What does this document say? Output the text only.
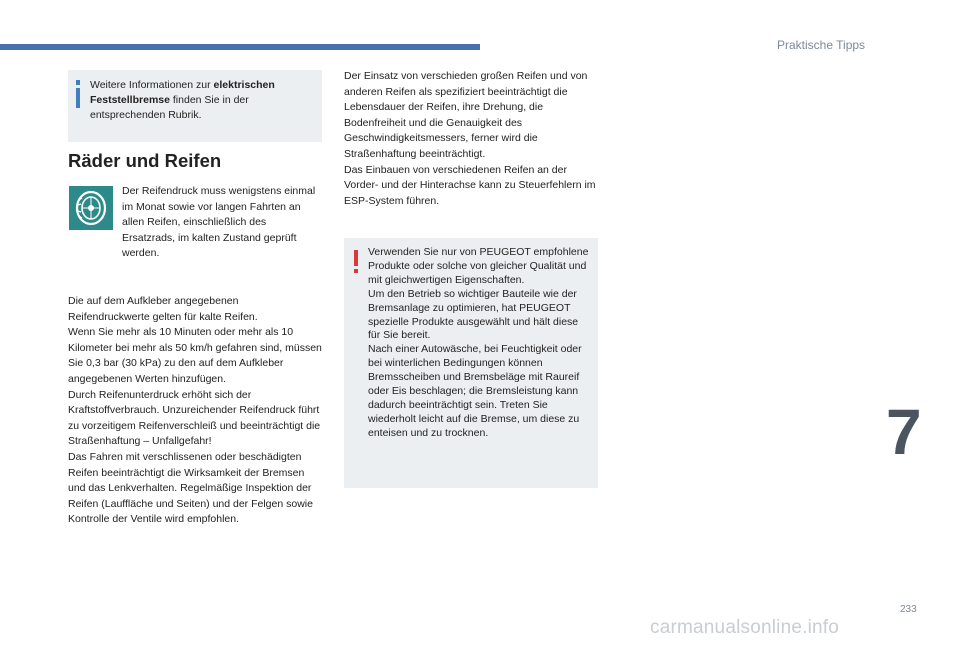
Praktische Tipps

Weitere Informationen zur elektrischen Feststellbremse finden Sie in der entsprechenden Rubrik.

Räder und Reifen
Der Reifendruck muss wenigstens einmal im Monat sowie vor langen Fahrten an allen Reifen, einschließlich des Ersatzrads, im kalten Zustand geprüft werden.

Die auf dem Aufkleber angegebenen Reifendruckwerte gelten für kalte Reifen.

Wenn Sie mehr als 10 Minuten oder mehr als 10 Kilometer bei mehr als 50 km/h gefahren sind, müssen Sie 0,3 bar (30 kPa) zu den auf dem Aufkleber angegebenen Werten hinzufügen.

Durch Reifenunterdruck erhöht sich der Kraftstoffverbrauch. Unzureichender Reifendruck führt zu vorzeitigem Reifenverschleiß und beeinträchtigt die Straßenhaftung – Unfallgefahr!

Das Fahren mit verschlissenen oder beschädigten Reifen beeinträchtigt die Wirksamkeit der Bremsen und das Lenkverhalten. Regelmäßige Inspektion der Reifen (Lauffläche und Seiten) und der Felgen sowie Kontrolle der Ventile wird empfohlen.

Der Einsatz von verschieden großen Reifen und von anderen Reifen als spezifiziert beeinträchtigt die Lebensdauer der Reifen, ihre Drehung, die Bodenfreiheit und die Genauigkeit des Geschwindigkeitsmessers, ferner wird die Straßenhaftung beeinträchtigt.

Das Einbauen von verschiedenen Reifen an der Vorder- und der Hinterachse kann zu Steuerfehlern im ESP-System führen.

Verwenden Sie nur von PEUGEOT empfohlene Produkte oder solche von gleicher Qualität und mit gleichwertigen Eigenschaften.

Um den Betrieb so wichtiger Bauteile wie der Bremsanlage zu optimieren, hat PEUGEOT spezielle Produkte ausgewählt und hält diese für Sie bereit.

Nach einer Autowäsche, bei Feuchtigkeit oder bei winterlichen Bedingungen können Bremsscheiben und Bremsbeläge mit Raureif oder Eis beschlagen; die Bremsleistung kann dadurch beeinträchtigt sein. Treten Sie wiederholt leicht auf die Bremse, um diese zu enteisen und zu trocknen.	7
233
carmanualsonline.info
